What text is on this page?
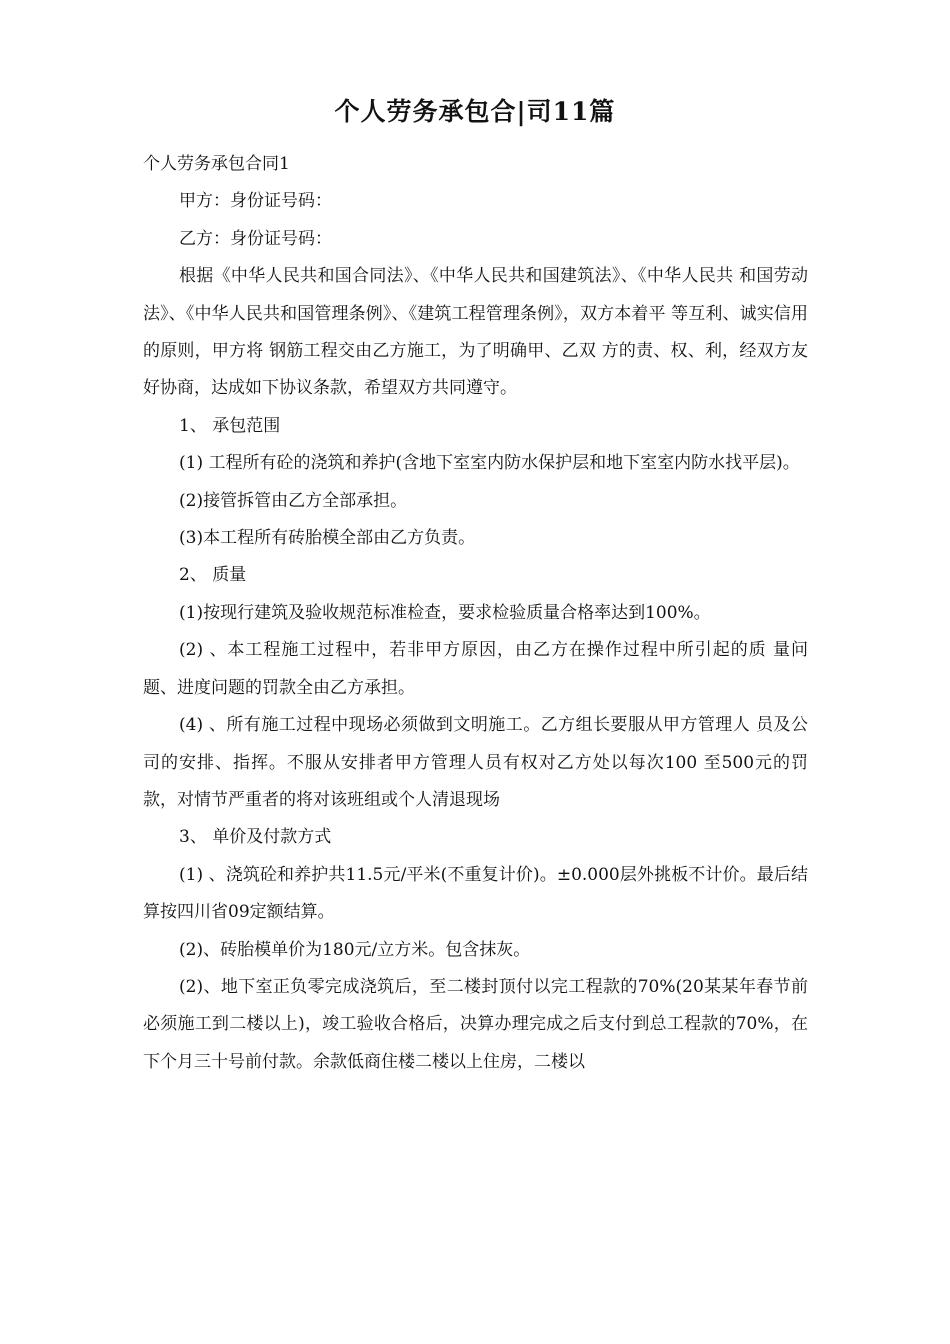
个人劳务承包合|司11篇

个人劳务承包合同1

甲方：身份证号码：

乙方：身份证号码：

根据《中华人民共和国合同法》、《中华人民共和国建筑法》、《中华人民共 和国劳动法》、《中华人民共和国管理条例》、《建筑工程管理条例》，双方本着平 等互利、诚实信用的原则，甲方将 钢筋工程交由乙方施工，为了明确甲、乙双 方的责、权、利，经双方友好协商，达成如下协议条款，希望双方共同遵守。

1、 承包范围

(1) 工程所有砼的浇筑和养护(含地下室室内防水保护层和地下室室内防水找平层)。

(2)接管拆管由乙方全部承担。

(3)本工程所有砖胎模全部由乙方负责。

2、 质量

(1)按现行建筑及验收规范标准检查，要求检验质量合格率达到100%。

(2) 、本工程施工过程中，若非甲方原因，由乙方在操作过程中所引起的质 量问题、进度问题的罚款全由乙方承担。

(4) 、所有施工过程中现场必须做到文明施工。乙方组长要服从甲方管理人 员及公司的安排、指挥。不服从安排者甲方管理人员有权对乙方处以每次100 至500元的罚款，对情节严重者的将对该班组或个人清退现场

3、 单价及付款方式

(1) 、浇筑砼和养护共11.5元/平米(不重复计价)。±0.000层外挑板不计价。最后结算按四川省09定额结算。

(2)、砖胎模单价为180元/立方米。包含抹灰。

(2)、地下室正负零完成浇筑后，至二楼封顶付以完工程款的70%(20某某年春节前必须施工到二楼以上)，竣工验收合格后，决算办理完成之后支付到总工程款的70%，在下个月三十号前付款。余款低商住楼二楼以上住房，二楼以
